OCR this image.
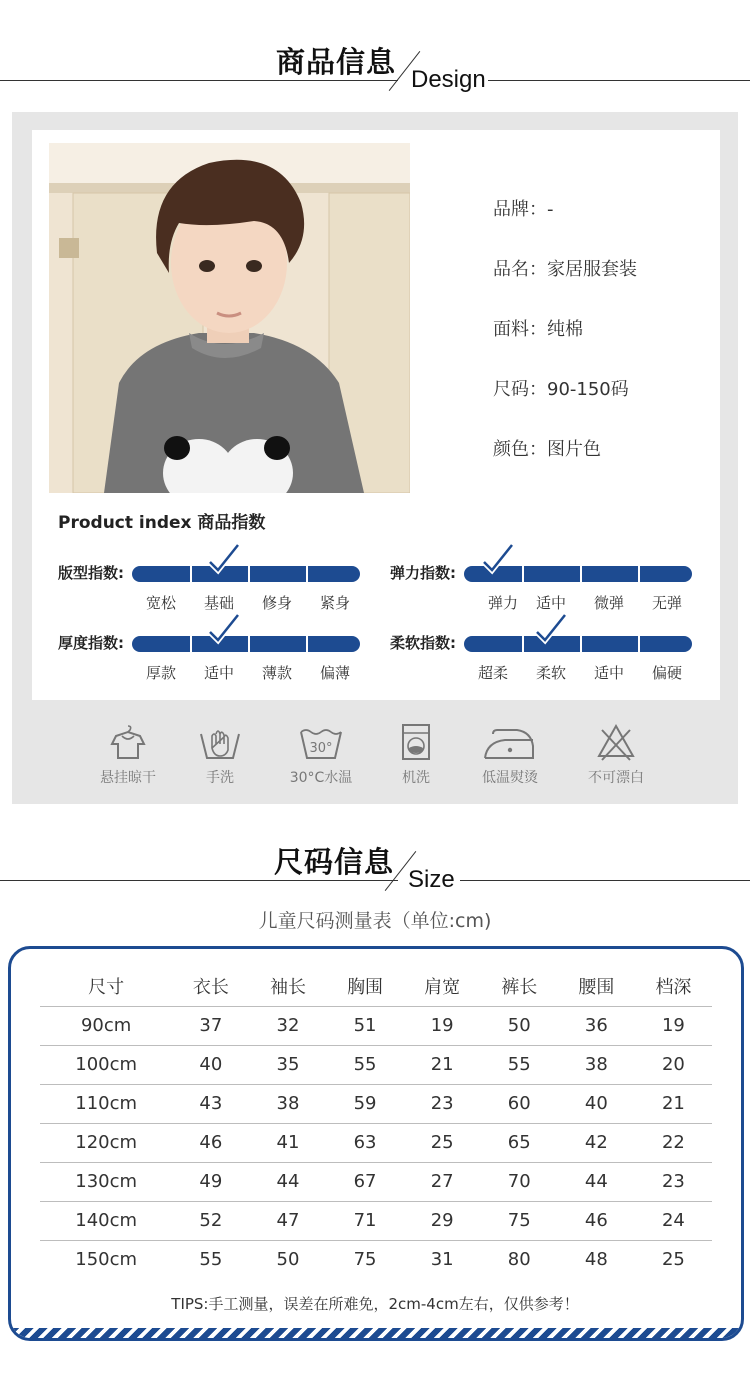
商品信息
Design
品牌：-
品名：家居服套装
面料：纯棉
尺码：90-150码
颜色：图片色
Product index 商品指数
版型指数:
宽松	基础	修身	紧身
弹力指数:
弹力	适中	微弹	无弹
厚度指数:
厚款	适中	薄款	偏薄
柔软指数:
超柔	柔软	适中	偏硬
悬挂晾干	手洗
30°
30°C水温	机洗	低温熨烫	不可漂白
尺码信息
Size
儿童尺码测量表（单位:cm)
尺寸	衣长	袖长	胸围	肩宽	裤长	腰围	档深
90cm	37	32	51	19	50	36	19
100cm	40	35	55	21	55	38	20
110cm	43	38	59	23	60	40	21
120cm	46	41	63	25	65	42	22
130cm	49	44	67	27	70	44	23
140cm	52	47	71	29	75	46	24
150cm	55	50	75	31	80	48	25
TIPS:手工测量，误差在所难免，2cm-4cm左右，仅供参考！
